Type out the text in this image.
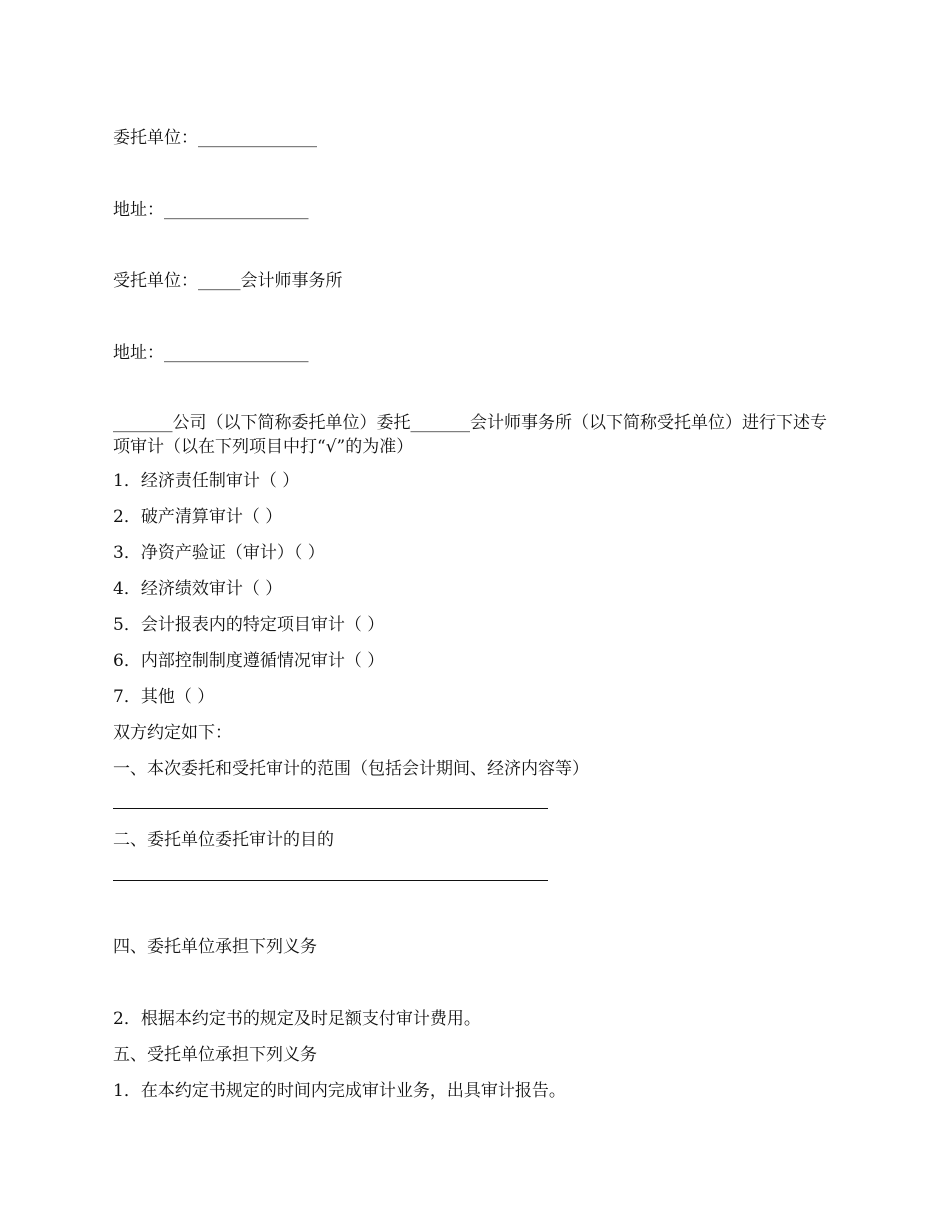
委托单位：______________
地址：_________________
受托单位：_____会计师事务所
地址：_________________
_______公司（以下简称委托单位）委托_______会计师事务所（以下简称受托单位）进行下述专项审计（以在下列项目中打“√”的为准）
1．经济责任制审计（ ）
2．破产清算审计（ ）
3．净资产验证（审计）（ ）
4．经济绩效审计（ ）
5．会计报表内的特定项目审计（ ）
6．内部控制制度遵循情况审计（ ）
7．其他（ ）
双方约定如下：
一、本次委托和受托审计的范围（包括会计期间、经济内容等）
二、委托单位委托审计的目的
四、委托单位承担下列义务
2．根据本约定书的规定及时足额支付审计费用。
五、受托单位承担下列义务
1．在本约定书规定的时间内完成审计业务，出具审计报告。
